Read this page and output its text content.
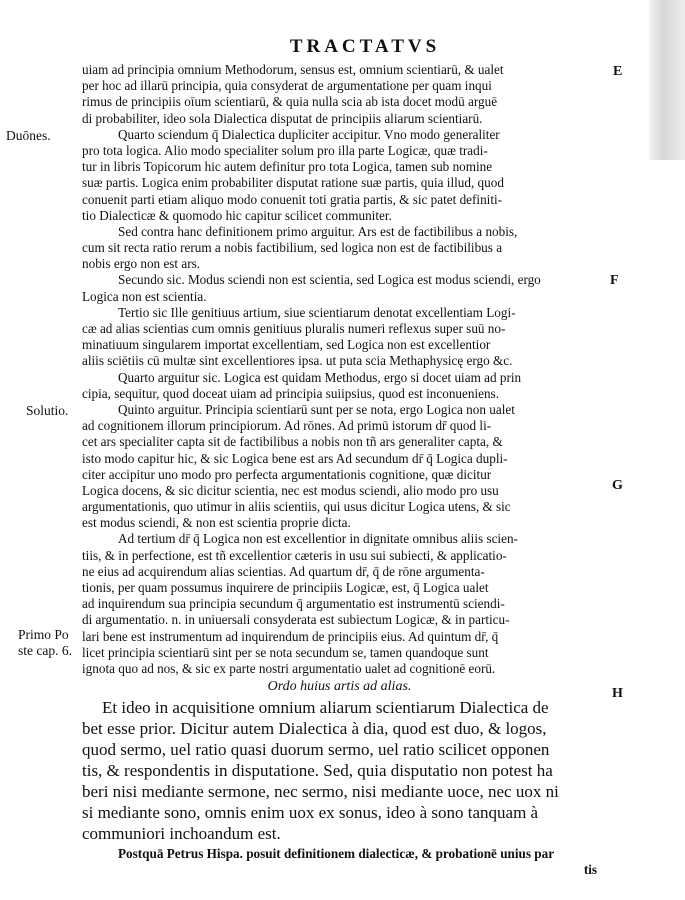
TRACTATVS
Duōnes.
Solutio.
Primo Po
ste cap. 6.
E
F
G
H
uiam ad principia omnium Methodorum, sensus est, omnium scientiarū, & ualet
per hoc ad illarū principia, quia consyderat de argumentatione per quam inqui
rimus de principiis oīum scientiarū, & quia nulla scia ab ista docet modū arguē
di probabiliter, ideo sola Dialectica disputat de principiis aliarum scientiarū.
Quarto sciendum q̄ Dialectica dupliciter accipitur. Vno modo generaliter
pro tota logica. Alio modo specialiter solum pro illa parte Logicæ, quæ tradi-
tur in libris Topicorum hic autem definitur pro tota Logica, tamen sub nomine
suæ partis. Logica enim probabiliter disputat ratione suæ partis, quia illud, quod
conuenit parti etiam aliquo modo conuenit toti gratia partis, & sic patet definiti-
tio Dialecticæ & quomodo hic capitur scilicet communiter.
Sed contra hanc definitionem primo arguitur. Ars est de factibilibus a nobis,
cum sit recta ratio rerum a nobis factibilium, sed logica non est de factibilibus a
nobis ergo non est ars.
Secundo sic. Modus sciendi non est scientia, sed Logica est modus sciendi, ergo
Logica non est scientia.
Tertio sic Ille genitiuus artium, siue scientiarum denotat excellentiam Logi-
cæ ad alias scientias cum omnis genitiuus pluralis numeri reflexus super suū no-
minatiuum singularem importat excellentiam, sed Logica non est excellentior
aliis sciētiis cū multæ sint excellentiores ipsa. ut puta scia Methaphysicę ergo &c.
Quarto arguitur sic. Logica est quidam Methodus, ergo si docet uiam ad prin
cipia, sequitur, quod doceat uiam ad principia suiipsius, quod est inconueniens.
Quinto arguitur. Principia scientiarū sunt per se nota, ergo Logica non ualet
ad cognitionem illorum principiorum. Ad rōnes. Ad primū istorum dr̄ quod li-
cet ars specialiter capta sit de factibilibus a nobis non tñ ars generaliter capta, &
isto modo capitur hic, & sic Logica bene est ars Ad secundum dr̄ q̄ Logica dupli-
citer accipitur uno modo pro perfecta argumentationis cognitione, quæ dicitur
Logica docens, & sic dicitur scientia, nec est modus sciendi, alio modo pro usu
argumentationis, quo utimur in aliis scientiis, qui usus dicitur Logica utens, & sic
est modus sciendi, & non est scientia proprie dicta.
Ad tertium dr̄ q̄ Logica non est excellentior in dignitate omnibus aliis scien-
tiis, & in perfectione, est tñ excellentior cæteris in usu sui subiecti, & applicatio-
ne eius ad acquirendum alias scientias. Ad quartum dr̄, q̄ de rōne argumenta-
tionis, per quam possumus inquirere de principiis Logicæ, est, q̄ Logica ualet
ad inquirendum sua principia secundum q̄ argumentatio est instrumentū sciendi-
di argumentatio. n. in uniuersali consyderata est subiectum Logicæ, & in particu-
lari bene est instrumentum ad inquirendum de principiis eius. Ad quintum dr̄, q̄
licet principia scientiarū sint per se nota secundum se, tamen quandoque sunt
ignota quo ad nos, & sic ex parte nostri argumentatio ualet ad cognitionē eorū.
Ordo huius artis ad alias.
Et ideo in acquisitione omnium aliarum scientiarum Dialectica de
bet esse prior. Dicitur autem Dialectica à dia, quod est duo, & logos,
quod sermo, uel ratio quasi duorum sermo, uel ratio scilicet opponen
tis, & respondentis in disputatione. Sed, quia disputatio non potest ha
beri nisi mediante sermone, nec sermo, nisi mediante uoce, nec uox ni
si mediante sono, omnis enim uox ex sonus, ideo à sono tanquam à
communiori inchoandum est.
Postquā Petrus Hispa. posuit definitionem dialecticæ, & probationē unius par
tis
